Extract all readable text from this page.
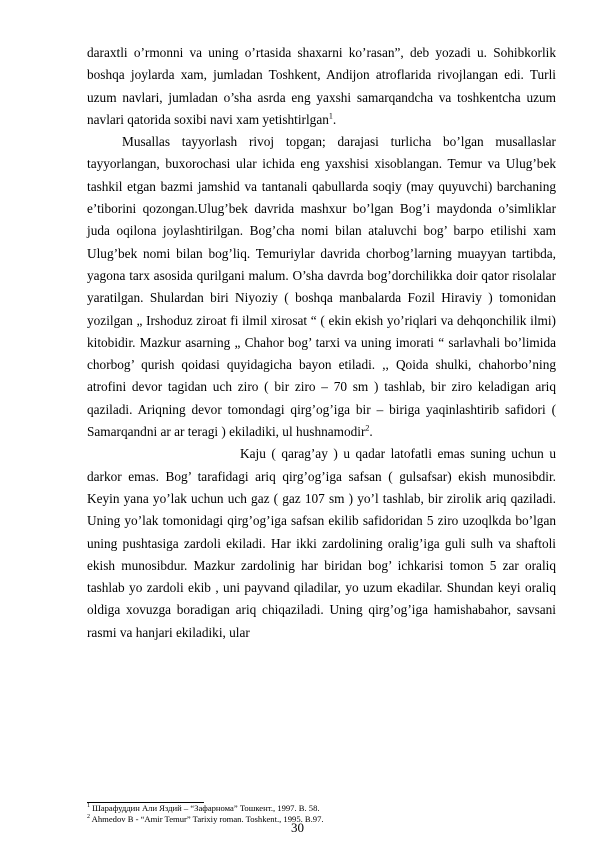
daraxtli o’rmonni va uning o’rtasida shaxarni ko’rasan”, deb yozadi u. Sohibkorlik boshqa joylarda xam, jumladan Toshkent, Andijon atroflarida rivojlangan edi. Turli uzum navlari, jumladan o’sha asrda eng yaxshi samarqandcha va toshkentcha uzum navlari qatorida soxibi navi xam yetishtirlgan$^1$.

Musallas tayyorlash rivoj topgan; darajasi turlicha bo’lgan musallaslar tayyorlangan, buxorochasi ular ichida eng yaxshisi xisoblangan. Temur va Ulug’bek tashkil etgan bazmi jamshid va tantanali qabullarda soqiy (may quyuvchi) barchaning e’tiborini qozongan.Ulug’bek davrida mashxur bo’lgan Bog’i maydonda o’simliklar juda oqilona joylashtirilgan. Bog’cha nomi bilan ataluvchi bog’ barpo etilishi xam Ulug’bek nomi bilan bog’liq. Temuriylar davrida chorbog’larning muayyan tartibda, yagona tarx asosida qurilgani malum. O’sha davrda bog’dorchilikka doir qator risolalar yaratilgan. Shulardan biri Niyoziy ( boshqa manbalarda Fozil Hiraviy ) tomonidan yozilgan „ Irshoduz ziroat fi ilmil xirosat “ ( ekin ekish yo’riqlari va dehqonchilik ilmi) kitobidir. Mazkur asarning „ Chahor bog’ tarxi va uning imorati “ sarlavhali bo’limida chorbog’ qurish qoidasi quyidagicha bayon etiladi. ,, Qoida shulki, chahorbo’ning atrofini devor tagidan uch ziro ( bir ziro – 70 sm ) tashlab, bir ziro keladigan ariq qaziladi. Ariqning devor tomondagi qirg’og’iga bir – biriga yaqinlashtirib safidori ( Samarqandni ar ar teragi ) ekiladiki, ul hushnamodir$^2$.

Kaju ( qarag’ay ) u qadar latofatli emas suning uchun u darkor emas. Bog’ tarafidagi ariq qirg’og’iga safsan ( gulsafsar) ekish munosibdir. Keyin yana yo’lak uchun uch gaz ( gaz 107 sm ) yo’l tashlab, bir zirolik ariq qaziladi. Uning yo’lak tomonidagi qirg’og’iga safsan ekilib safidoridan 5 ziro uzoqlkda bo’lgan uning pushtasiga zardoli ekiladi. Har ikki zardolining oralig’iga guli sulh va shaftoli ekish munosibdur. Mazkur zardolinig har biridan bog’ ichkarisi tomon 5 zar oraliq tashlab yo zardoli ekib , uni payvand qiladilar, yo uzum ekadilar. Shundan keyi oraliq oldiga xovuzga boradigan ariq chiqaziladi. Uning qirg’og’iga hamishabahor, savsani rasmi va hanjari ekiladiki, ular

$^1$ Шарафуддин Али Яздий – “Зафарнома” Тошкент., 1997. B. 58.

$^2$ Ahmedov B - “Amir Temur” Tarixiy roman. Toshkent., 1995. B.97.

30
